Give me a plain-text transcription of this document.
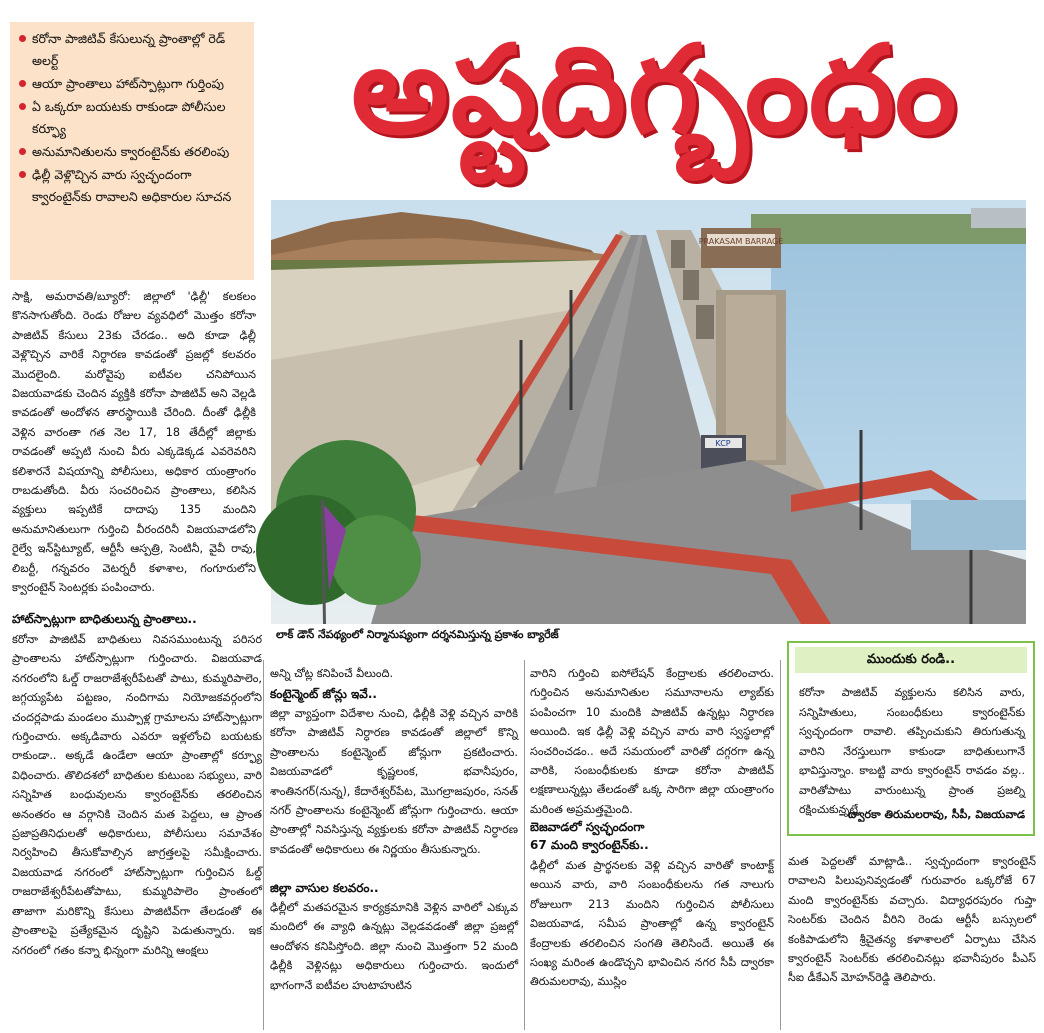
కరోనా పాజిటివ్ కేసులున్న ప్రాంతాల్లో రెడ్ అలర్ట్
ఆయా ప్రాంతాలు హాట్‌స్పాట్లుగా గుర్తింపు
ఏ ఒక్కరూ బయటకు రాకుండా పోలీసుల కర్ఫ్యూ
అనుమానితులను క్వారంటైన్‌కు తరలింపు
ఢిల్లీ వెళ్లొచ్చిన వారు స్వచ్ఛందంగా క్వారంటైన్‌కు రావాలని అధికారుల సూచన
అష్టదిగ్బంధం
PRAKASAM BARRAGE
KCP
లాక్ డౌన్ నేపథ్యంలో నిర్మానుష్యంగా దర్శనమిస్తున్న ప్రకాశం బ్యారేజ్
సాక్షి, అమరావతి/బ్యూరో: జిల్లాలో 'ఢిల్లీ' కలకలం కొనసాగుతోంది. రెండు రోజుల వ్యవధిలో మొత్తం కరోనా పాజిటివ్ కేసులు 23కు చేరడం.. అది కూడా ఢిల్లీ వెళ్లొచ్చిన వారికే నిర్ధారణ కావడంతో ప్రజల్లో కలవరం మొదలైంది. మరోవైపు ఐటీవల చనిపోయిన విజయవాడకు చెందిన వ్యక్తికి కరోనా పాజిటివ్ అని వెల్లడి కావడంతో అందోళన తారస్థాయికి చేరింది. దీంతో ఢిల్లీకి వెళ్లిన వారంతా గత నెల 17, 18 తేదీల్లో జిల్లాకు రావడంతో అప్పటి నుంచి వీరు ఎక్కడెక్కడ ఎవరెవరిని కలిశారనే విషయాన్ని పోలీసులు, అధికార యంత్రాంగం రాబడుతోంది. వీరు సంచరించిన ప్రాంతాలు, కలిసిన వ్యక్తులు ఇప్పటికే దాదాపు 135 మందిని అనుమానితులుగా గుర్తించి వీరందరినీ విజయవాడలోని రైల్వే ఇన్‌స్టిట్యూట్, ఆర్టీసీ ఆస్పత్రి, సెంటినీ, వైవీ రావు, లిబర్టీ, గన్నవరం వెటర్నరీ కళాశాల, గంగూరులోని క్వారంటైన్ సెంటర్లకు పంపించారు.
హాట్‌స్పాట్లుగా బాధితులున్న ప్రాంతాలు..
కరోనా పాజిటివ్ బాధితులు నివసముంటున్న పరిసర ప్రాంతాలను హాట్‌స్పాట్లుగా గుర్తించారు. విజయవాడ నగరంలోని ఓల్డ్ రాజరాజేశ్వరీపేటతో పాటు, కుమ్మరిపాలెం, జగ్గయ్యపేట పట్టణం, నందిగామ నియోజకవర్గంలోని చందర్లపాడు మండలం ముప్పాళ్ల గ్రామాలను హాట్‌స్పాట్లుగా గుర్తించారు. అక్కడివారు ఎవరూ ఇళ్లలోంచి బయటకు రాకుండా.. అక్కడే ఉండేలా ఆయా ప్రాంతాల్లో కర్ఫ్యూ విధించారు. తొలిదశలో బాధితుల కుటుంబ సభ్యులు, వారి సన్నిహిత బంధువులను క్వారంటైన్‌కు తరలించిన అనంతరం ఆ వర్గానికి చెందిన మత పెద్దలు, ఆ ప్రాంత ప్రజాప్రతినిధులతో అధికారులు, పోలీసులు సమావేశం నిర్వహించి తీసుకోవాల్సిన జాగ్రత్తలపై సమీక్షించారు. విజయవాడ నగరంలో హాట్‌స్పాట్లుగా గుర్తించిన ఓల్డ్ రాజరాజేశ్వరీపేటతోపాటు, కుమ్మరిపాలెం ప్రాంతంలో తాజాగా మరికొన్ని కేసులు పాజిటివ్‌గా తేలడంతో ఈ ప్రాంతాలపై ప్రత్యేకమైన దృష్టిని పెడుతున్నారు. ఇక నగరంలో గతం కన్నా భిన్నంగా మరిన్ని ఆంక్షలు
అన్ని చోట్ల కనిపించే వీలుంది.
కంటైన్మెంట్ జోన్లు ఇవే..
జిల్లా వ్యాప్తంగా విదేశాల నుంచి, ఢిల్లీకి వెళ్లి వచ్చిన వారికి కరోనా పాజిటివ్ నిర్ధారణ కావడంతో జిల్లాలో కొన్ని ప్రాంతాలను కంటైన్మెంట్ జోన్లుగా ప్రకటించారు. విజయవాడలో కృష్ణలంక, భవానీపురం, శాంతినగర్(నున్న), కేదారేశ్వర్‌పేట, మొగల్రాజపురం, సనత్ నగర్ ప్రాంతాలను కంటైన్మెంట్ జోన్లుగా గుర్తించారు. ఆయా ప్రాంతాల్లో నివసిస్తున్న వ్యక్తులకు కరోనా పాజిటివ్ నిర్ధారణ కావడంతో అధికారులు ఈ నిర్ణయం తీసుకున్నారు.
జిల్లా వాసుల కలవరం..
ఢిల్లీలో మతపరమైన కార్యక్రమానికి వెళ్లిన వారిలో ఎక్కువ మందిలో ఈ వ్యాధి ఉన్నట్లు వెల్లడవడంతో జిల్లా ప్రజల్లో ఆందోళన కనిపిస్తోంది. జిల్లా నుంచి మొత్తంగా 52 మంది ఢిల్లీకి వెళ్లినట్లు అధికారులు గుర్తించారు. ఇందులో భాగంగానే ఐటీవల హుటాహుటిన
వారిని గుర్తించి ఐసోలేషన్ కేంద్రాలకు తరలించారు. గుర్తించిన అనుమానితుల సమూనాలను ల్యాబ్‌కు పంపించగా 10 మందికి పాజిటివ్ ఉన్నట్లు నిర్ధారణ అయింది. ఇక ఢిల్లీ వెళ్లి వచ్చిన వారు వారి స్వస్థలాల్లో సంచరించడం.. అదే సమయంలో వారితో దగ్గరగా ఉన్న వారికి, సంబంధీకులకు కూడా కరోనా పాజిటివ్ లక్షణాలున్నట్లు తేలడంతో ఒక్క సారిగా జిల్లా యంత్రాంగం మరింత అప్రమత్తమైంది.
బెజవాడలో స్వచ్ఛందంగా
67 మంది క్వారంటైన్‌కు..
ఢిల్లీలో మత ప్రార్థనలకు వెళ్లి వచ్చిన వారితో కాంటాక్ట్ అయిన వారు, వారి సంబంధీకులను గత నాలుగు రోజులుగా 213 మందిని గుర్తించిన పోలీసులు విజయవాడ, సమీప ప్రాంతాల్లో ఉన్న క్వారంటైన్ కేంద్రాలకు తరలించిన సంగతి తెలిసిందే. అయితే ఈ సంఖ్య మరింత ఉండొచ్చని భావించిన నగర సీపీ ద్వారకా తిరుమలరావు, ముస్లిం
ముందుకు రండి..
కరోనా పాజిటివ్ వ్యక్తులను కలిసిన వారు, సన్నిహితులు, సంబంధీకులు క్వారంటైన్‌కు స్వచ్ఛందంగా రావాలి. తప్పించుకుని తిరుగుతున్న వారిని నేరస్తులుగా కాకుండా బాధితులుగానే భావిస్తున్నాం. కాబట్టి వారు క్వారంటైన్ రావడం వల్ల.. వారితోపాటు వారుంటున్న ప్రాంత ప్రజల్ని రక్షించుకున్నట్లే.
– ద్వారకా తిరుమలరావు, సీపీ, విజయవాడ
మత పెద్దలతో మాట్లాడి.. స్వచ్ఛందంగా క్వారంటైన్ రావాలని పిలుపునివ్వడంతో గురువారం ఒక్కరోజే 67 మంది క్వారంటైన్‌కు వచ్చారు. విద్యాధరపురం గుప్తా సెంటర్‌కు చెందిన వీరిని రెండు ఆర్టీసీ బస్సులలో కంకిపాడులోని శ్రీచైతన్య కళాశాలలో ఏర్పాటు చేసిన క్వారంటైన్ సెంటర్‌కు తరలించినట్లు భవానీపురం పీఎస్ సీఐ డీకేఎన్ మోహన్‌రెడ్డి తెలిపారు.
